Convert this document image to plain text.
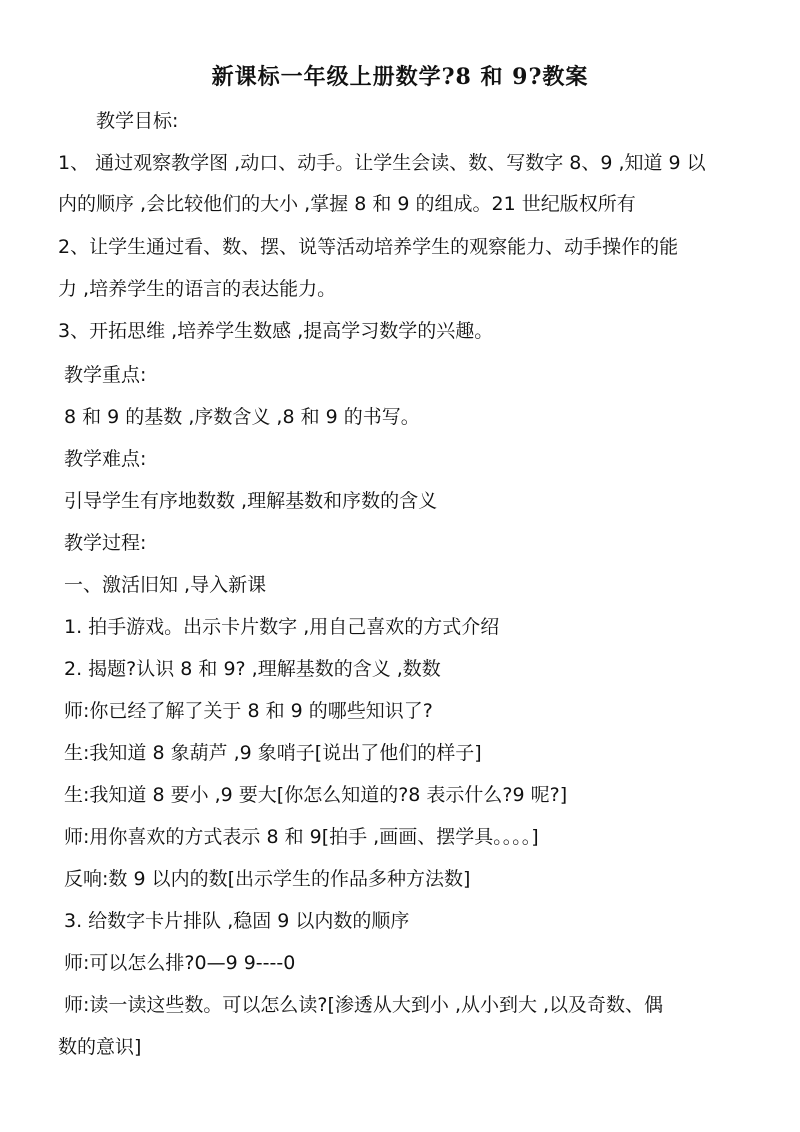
新课标一年级上册数学?8 和 9?教案
教学目标:
1、 通过观察教学图 ,动口、动手。让学生会读、数、写数字 8、9 ,知道 9 以
内的顺序 ,会比较他们的大小 ,掌握 8 和 9 的组成。21 世纪版权所有
2、让学生通过看、数、摆、说等活动培养学生的观察能力、动手操作的能
力 ,培养学生的语言的表达能力。
3、开拓思维 ,培养学生数感 ,提高学习数学的兴趣。
教学重点:
8 和 9 的基数 ,序数含义 ,8 和 9 的书写。
教学难点:
引导学生有序地数数 ,理解基数和序数的含义
教学过程:
一、激活旧知 ,导入新课
1. 拍手游戏。出示卡片数字 ,用自己喜欢的方式介绍
2. 揭题?认识 8 和 9? ,理解基数的含义 ,数数
师:你已经了解了关于 8 和 9 的哪些知识了?
生:我知道 8 象葫芦 ,9 象哨子[说出了他们的样子]
生:我知道 8 要小 ,9 要大[你怎么知道的?8 表示什么?9 呢?]
师:用你喜欢的方式表示 8 和 9[拍手 ,画画、摆学具。。。。]
反响:数 9 以内的数[出示学生的作品多种方法数]
3. 给数字卡片排队 ,稳固 9 以内数的顺序
师:可以怎么排?0—9 9----0
师:读一读这些数。可以怎么读?[渗透从大到小 ,从小到大 ,以及奇数、偶
数的意识]
